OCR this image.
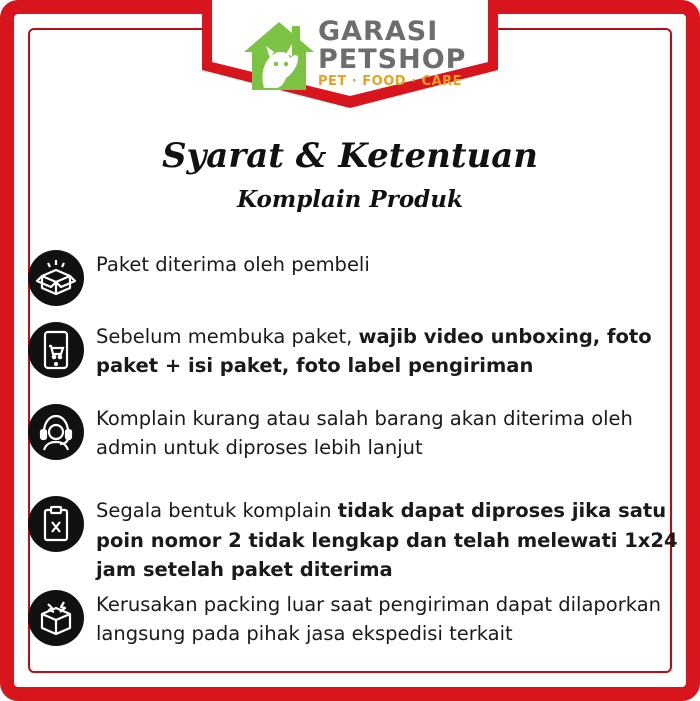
GARASI
PETSHOP
PET · FOOD · CARE
Syarat & Ketentuan
Komplain Produk
Paket diterima oleh pembeli
Sebelum membuka paket, wajib video unboxing, foto paket + isi paket, foto label pengiriman
Komplain kurang atau salah barang akan diterima oleh admin untuk diproses lebih lanjut
Segala bentuk komplain tidak dapat diproses jika satu poin nomor 2 tidak lengkap dan telah melewati 1x24 jam setelah paket diterima
Kerusakan packing luar saat pengiriman dapat dilaporkan langsung pada pihak jasa ekspedisi terkait
